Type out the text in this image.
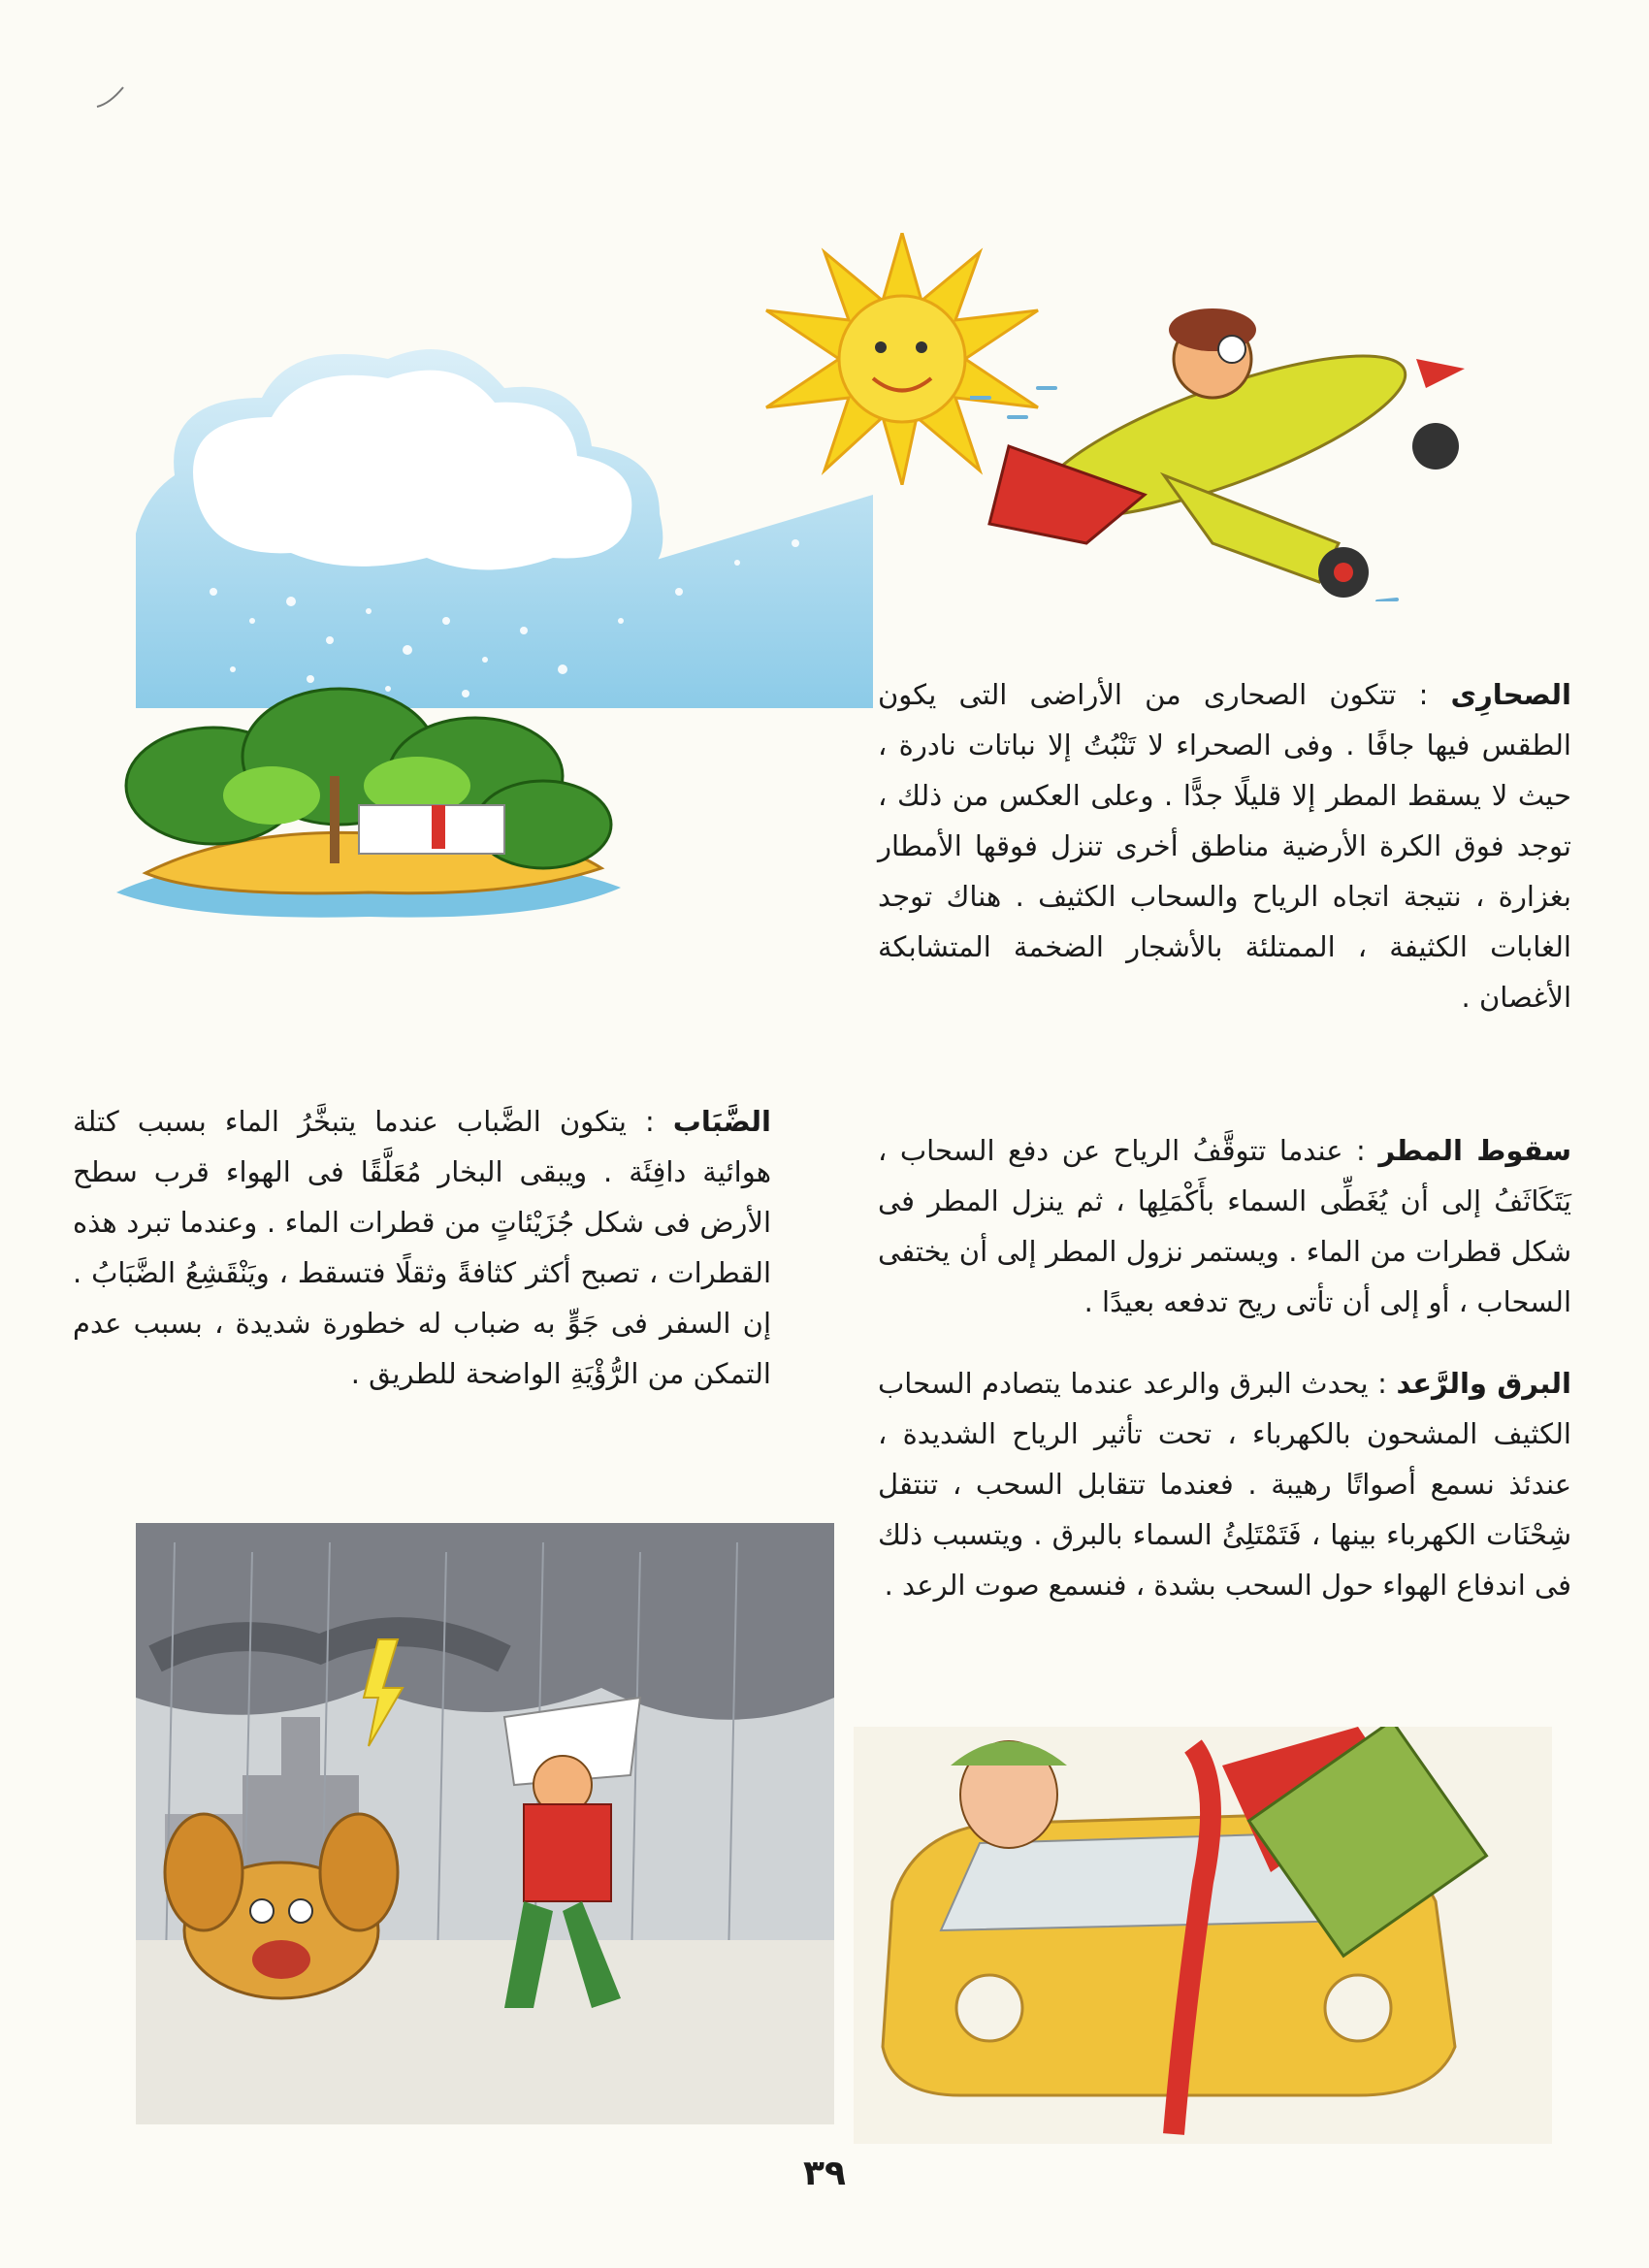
الصحارِى : تتكون الصحارى من الأراضى التى يكون الطقس فيها جافًا . وفى الصحراء لا تَنْبُتُ إلا نباتات نادرة ، حيث لا يسقط المطر إلا قليلًا جدًّا . وعلى العكس من ذلك ، توجد فوق الكرة الأرضية مناطق أخرى تنزل فوقها الأمطار بغزارة ، نتيجة اتجاه الرياح والسحاب الكثيف . هناك توجد الغابات الكثيفة ، الممتلئة بالأشجار الضخمة المتشابكة الأغصان .
سقوط المطر : عندما تتوقَّفُ الرياح عن دفع السحاب ، يَتَكَاثَفُ إلى أن يُغَطِّى السماء بأَكْمَلِها ، ثم ينزل المطر فى شكل قطرات من الماء . ويستمر نزول المطر إلى أن يختفى السحاب ، أو إلى أن تأتى ريح تدفعه بعيدًا .
البرق والرَّعد : يحدث البرق والرعد عندما يتصادم السحاب الكثيف المشحون بالكهرباء ، تحت تأثير الرياح الشديدة ، عندئذ نسمع أصواتًا رهيبة . فعندما تتقابل السحب ، تنتقل شِحْنَات الكهرباء بينها ، فَتَمْتَلِئُ السماء بالبرق . ويتسبب ذلك فى اندفاع الهواء حول السحب بشدة ، فنسمع صوت الرعد .
الضَّبَاب : يتكون الضَّباب عندما يتبخَّرُ الماء بسبب كتلة هوائية دافِئَة . ويبقى البخار مُعَلَّقًا فى الهواء قرب سطح الأرض فى شكل جُزَيْئاتٍ من قطرات الماء . وعندما تبرد هذه القطرات ، تصبح أكثر كثافةً وثقلًا فتسقط ، ويَنْقَشِعُ الضَّبَابُ . إن السفر فى جَوٍّ به ضباب له خطورة شديدة ، بسبب عدم التمكن من الرُّؤْيَةِ الواضحة للطريق .
٣٩
